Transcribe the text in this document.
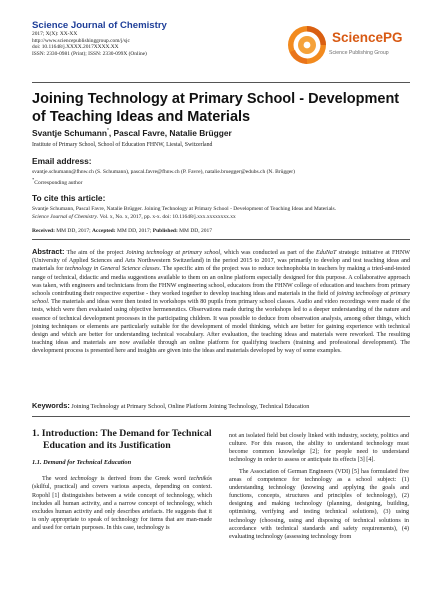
Science Journal of Chemistry
2017; X(X): XX-XX
http://www.sciencepublishinggroup.com/j/sjc
doi: 10.11648/j.XXXX.2017XXXX.XX
ISSN: 2330-0981 (Print); ISSN: 2330-099X (Online)
SciencePG
Science Publishing Group
Joining Technology at Primary School - Development of Teaching Ideas and Materials
Svantje Schumann*, Pascal Favre, Natalie Brügger
Institute of Primary School, School of Education FHNW, Liestal, Switzerland
Email address:
svantje.schumann@fhnw.ch (S. Schumann), pascal.favre@fhnw.ch (P. Favre), natalie.bruegger@edubs.ch (N. Brügger)
*Corresponding author
To cite this article:
Svantje Schumann, Pascal Favre, Natalie Brügger. Joining Technology at Primary School - Development of Teaching Ideas and Materials.
Science Journal of Chemistry. Vol. x, No. x, 2017, pp. x-x. doi: 10.11648/j.xxx.xxxxxxxx.xx
Received: MM DD, 2017; Accepted: MM DD, 2017; Published: MM DD, 2017

Abstract: The aim of the project Joining technology at primary school, which was conducted as part of the EduNaT strategic initiative at FHNW (University of Applied Sciences and Arts Northwestern Switzerland) in the period 2015 to 2017, was primarily to develop and test teaching ideas and materials for technology in General Science classes. The specific aim of the project was to reduce technophobia in teachers by making a tried-and-tested range of technical, didactic and media suggestions available to them on an online platform especially designed for this purpose. A collaborative approach was taken, with engineers and technicians from the FHNW engineering school, educators from the FHNW college of education and teachers from primary schools contributing their respective expertise - they worked together to develop teaching ideas and materials in the field of joining technology at primary school. The materials and ideas were then tested in workshops with 80 pupils from primary school classes. Audio and video recordings were made of the tests, which were then evaluated using objective hermeneutics. Observations made during the workshops led to a deeper understanding of the nature and essence of technical development processes in the participating children. It was possible to deduce from observation analysis, among other things, which joining techniques or elements are particularly suitable for the development of model thinking, which are better for gaining experience with technical design and which are better for understanding technical vocabulary. After evaluation, the teaching ideas and materials were reworked. The resulting teaching ideas and materials are now available through an online platform for qualifying teachers (training and professional development). The development process is presented here and insights are given into the ideas and materials developed by way of some examples.

Keywords: Joining Technology at Primary School, Online Platform Joining Technology, Technical Education
1. Introduction: The Demand for Technical Education and its Justification
1.1. Demand for Technical Education

The word technology is derived from the Greek word technikós (skilful, practical) and covers various aspects, depending on context. Ropohl [1] distinguishes between a wide concept of technology, which includes all human activity, and a narrow concept of technology, which excludes human activity and only describes artefacts. He suggests that it is only appropriate to speak of technology for items that are man-made and used for certain purposes. In this case, technology is

not an isolated field but closely linked with industry, society, politics and culture. For this reason, the ability to understand technology must become common knowledge [2]; for people need to understand technology in order to assess or anticipate its effects [3] [4].

The Association of German Engineers (VDI) [5] has formulated five areas of competence for technology as a school subject: (1) understanding technology (knowing and applying the goals and functions, concepts, structures and principles of technology), (2) designing and making technology (planning, designing, building, optimising, verifying and testing technical solutions), (3) using technology (choosing, using and disposing of technical solutions in accordance with technical standards and safety requirements), (4) evaluating technology (assessing technology from
